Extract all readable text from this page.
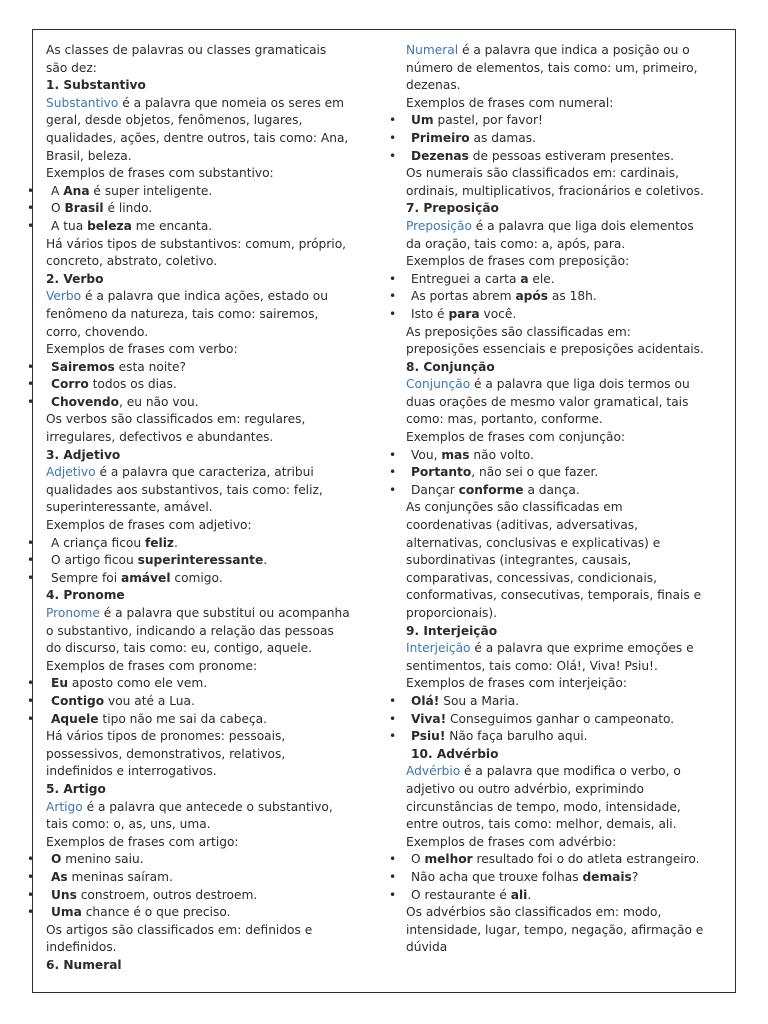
As classes de palavras ou classes gramaticais
são dez:
1. Substantivo
Substantivo é a palavra que nomeia os seres em
geral, desde objetos, fenômenos, lugares,
qualidades, ações, dentre outros, tais como: Ana,
Brasil, beleza.
Exemplos de frases com substantivo:
• A Ana é super inteligente.
• O Brasil é lindo.
• A tua beleza me encanta.
Há vários tipos de substantivos: comum, próprio,
concreto, abstrato, coletivo.
2. Verbo
Verbo é a palavra que indica ações, estado ou
fenômeno da natureza, tais como: sairemos,
corro, chovendo.
Exemplos de frases com verbo:
• Sairemos esta noite?
• Corro todos os dias.
• Chovendo, eu não vou.
Os verbos são classificados em: regulares,
irregulares, defectivos e abundantes.
3. Adjetivo
Adjetivo é a palavra que caracteriza, atribui
qualidades aos substantivos, tais como: feliz,
superinteressante, amável.
Exemplos de frases com adjetivo:
• A criança ficou feliz.
• O artigo ficou superinteressante.
• Sempre foi amável comigo.
4. Pronome
Pronome é a palavra que substitui ou acompanha
o substantivo, indicando a relação das pessoas
do discurso, tais como: eu, contigo, aquele.
Exemplos de frases com pronome:
• Eu aposto como ele vem.
• Contigo vou até a Lua.
• Aquele tipo não me sai da cabeça.
Há vários tipos de pronomes: pessoais,
possessivos, demonstrativos, relativos,
indefinidos e interrogativos.
5. Artigo
Artigo é a palavra que antecede o substantivo,
tais como: o, as, uns, uma.
Exemplos de frases com artigo:
• O menino saiu.
• As meninas saíram.
• Uns constroem, outros destroem.
• Uma chance é o que preciso.
Os artigos são classificados em: definidos e
indefinidos.
6. Numeral
Numeral é a palavra que indica a posição ou o
número de elementos, tais como: um, primeiro,
dezenas.
Exemplos de frases com numeral:
• Um pastel, por favor!
• Primeiro as damas.
• Dezenas de pessoas estiveram presentes.
Os numerais são classificados em: cardinais,
ordinais, multiplicativos, fracionários e coletivos.
7. Preposição
Preposição é a palavra que liga dois elementos
da oração, tais como: a, após, para.
Exemplos de frases com preposição:
• Entreguei a carta a ele.
• As portas abrem após as 18h.
• Isto é para você.
As preposições são classificadas em:
preposições essenciais e preposições acidentais.
8. Conjunção
Conjunção é a palavra que liga dois termos ou
duas orações de mesmo valor gramatical, tais
como: mas, portanto, conforme.
Exemplos de frases com conjunção:
• Vou, mas não volto.
• Portanto, não sei o que fazer.
• Dançar conforme a dança.
As conjunções são classificadas em
coordenativas (aditivas, adversativas,
alternativas, conclusivas e explicativas) e
subordinativas (integrantes, causais,
comparativas, concessivas, condicionais,
conformativas, consecutivas, temporais, finais e
proporcionais).
9. Interjeição
Interjeição é a palavra que exprime emoções e
sentimentos, tais como: Olá!, Viva! Psiu!.
Exemplos de frases com interjeição:
• Olá! Sou a Maria.
• Viva! Conseguimos ganhar o campeonato.
• Psiu! Não faça barulho aqui.
10. Advérbio
Advérbio é a palavra que modifica o verbo, o
adjetivo ou outro advérbio, exprimindo
circunstâncias de tempo, modo, intensidade,
entre outros, tais como: melhor, demais, ali.
Exemplos de frases com advérbio:
• O melhor resultado foi o do atleta estrangeiro.
• Não acha que trouxe folhas demais?
• O restaurante é ali.
Os advérbios são classificados em: modo,
intensidade, lugar, tempo, negação, afirmação e
dúvida
